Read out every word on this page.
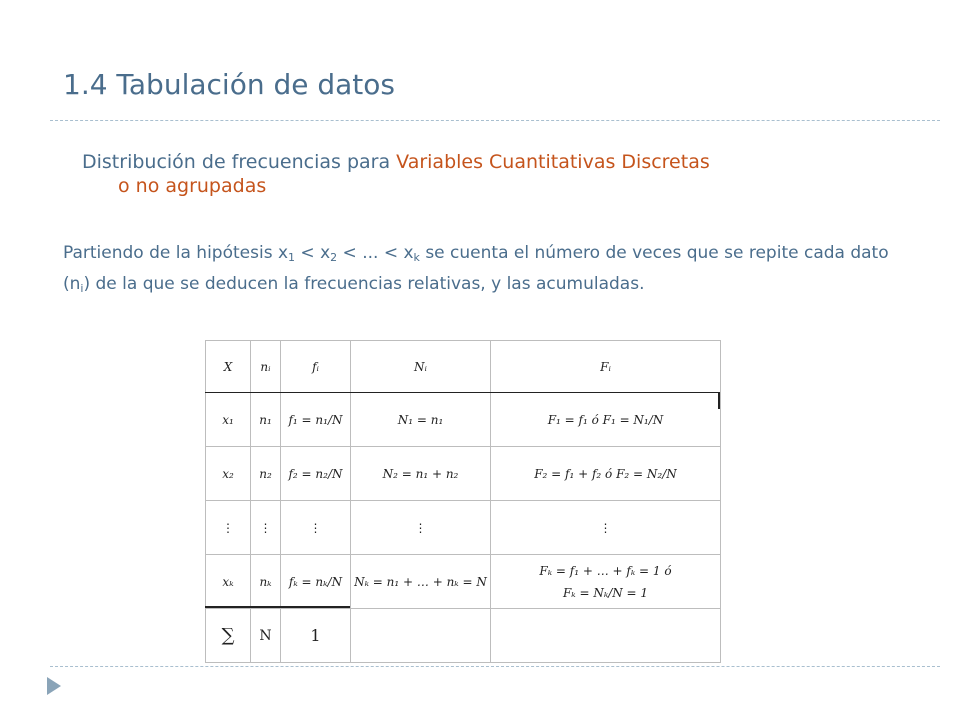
1.4 Tabulación de datos
Distribución de frecuencias para Variables Cuantitativas Discretas
o no agrupadas
Partiendo de la hipótesis $x_1 < x_2$ < ... < $x_k$ se cuenta el número de veces que se repite cada dato $(n_i)$ de la que se deducen la frecuencias relativas, y las acumuladas.
X	nᵢ	fᵢ	Nᵢ	Fᵢ
x₁	n₁	f₁ = n₁/N	N₁ = n₁	F₁ = f₁ ó F₁ = N₁/N
x₂	n₂	f₂ = n₂/N	N₂ = n₁ + n₂	F₂ = f₁ + f₂ ó F₂ = N₂/N
⋮	⋮	⋮	⋮	⋮
xₖ	nₖ	fₖ = nₖ/N	Nₖ = n₁ + … + nₖ = N	Fₖ = f₁ + … + fₖ = 1 ó
Fₖ = Nₖ/N = 1
∑	N	1		
